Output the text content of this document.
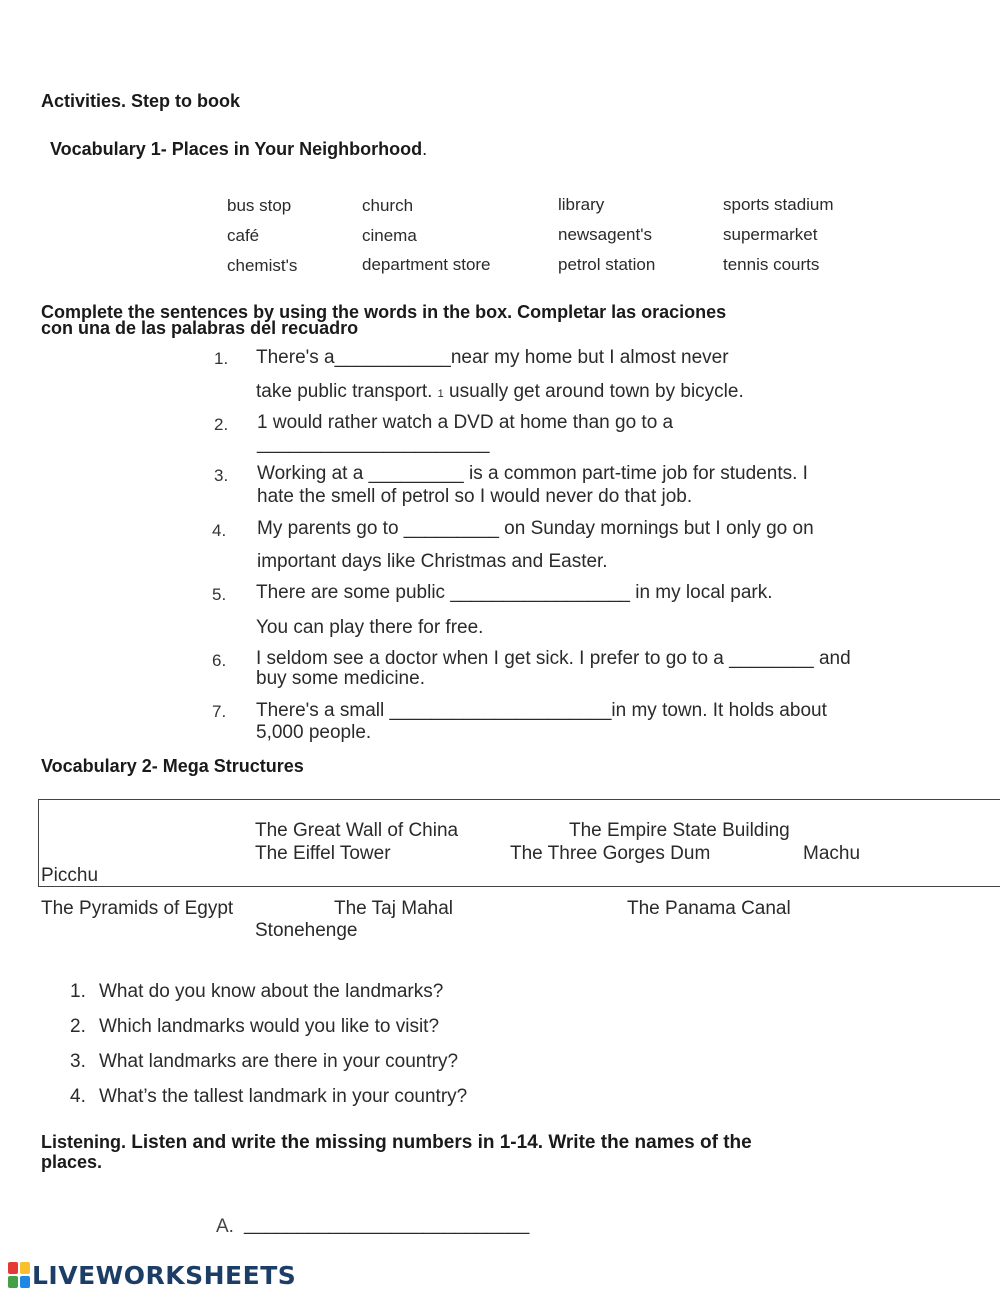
Activities. Step to book
Vocabulary 1- Places in Your Neighborhood.
bus stop	church	library	sports stadium
café	cinema	newsagent's	supermarket
chemist's	department store	petrol station	tennis courts
Complete the sentences by using the words in the box. Completar las oraciones
con una de las palabras del recuadro
1. There's a___________near my home but I almost never
take public transport. 1 usually get around town by bicycle.
2. 1 would rather watch a DVD at home than go to a
______________________
3. Working at a _________ is a common part-time job for students. I
hate the smell of petrol so I would never do that job.
4. My parents go to _________ on Sunday mornings but I only go on
important days like Christmas and Easter.
5. There are some public _________________ in my local park.
You can play there for free.
6. I seldom see a doctor when I get sick. I prefer to go to a ________ and
buy some medicine.
7. There's a small _____________________in my town. It holds about
5,000 people.
Vocabulary 2- Mega Structures
The Great Wall of China	The Empire State Building
The Eiffel Tower	The Three Gorges Dum	Machu
Picchu
The Pyramids of Egypt	The Taj Mahal	The Panama Canal
Stonehenge
1. What do you know about the landmarks?
2. Which landmarks would you like to visit?
3. What landmarks are there in your country?
4. What’s the tallest landmark in your country?
Listening. Listen and write the missing numbers in 1-14. Write the names of the
places.
A. ___________________________
LIVEWORKSHEETS
